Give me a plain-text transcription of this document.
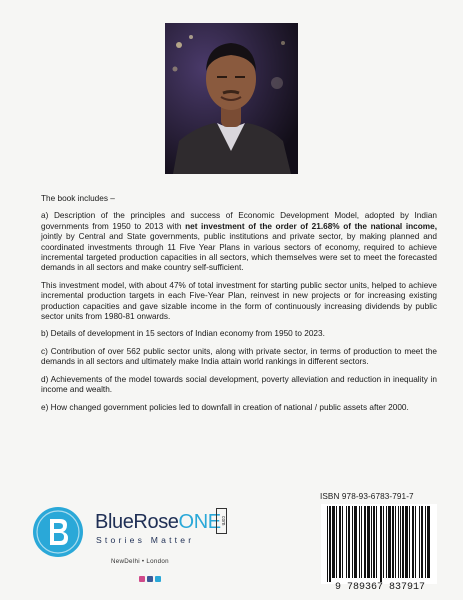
The book includes –

a) Description of the principles and success of Economic Development Model, adopted by Indian governments from 1950 to 2013 with net investment of the order of 21.68% of the national income, jointly by Central and State governments, public institutions and private sector, by making planned and coordinated investments through 11 Five Year Plans in various sectors of economy, required to achieve incremental targeted production capacities in all sectors, which themselves were set to meet the forecasted demands in all sectors and make country self-sufficient.

This investment model, with about 47% of total investment for starting public sector units, helped to achieve incremental production targets in each Five-Year Plan, reinvest in new projects or for increasing existing production capacities and gave sizable income in the form of continuously increasing dividends by public sector units from 1980-81 onwards.

b) Details of development in 15 sectors of Indian economy from 1950 to 2023.

c) Contribution of over 562 public sector units, along with private sector, in terms of production to meet the demands in all sectors and ultimately make India attain world rankings in different sectors.

d) Achievements of the model towards social development, poverty alleviation and reduction in inequality in income and wealth.

e) How changed government policies led to downfall in creation of national / public assets after 2000.

ISBN 978-93-6783-791-7
9 789367 837917
BlueRoseONE com
Stories Matter
NewDelhi • London
